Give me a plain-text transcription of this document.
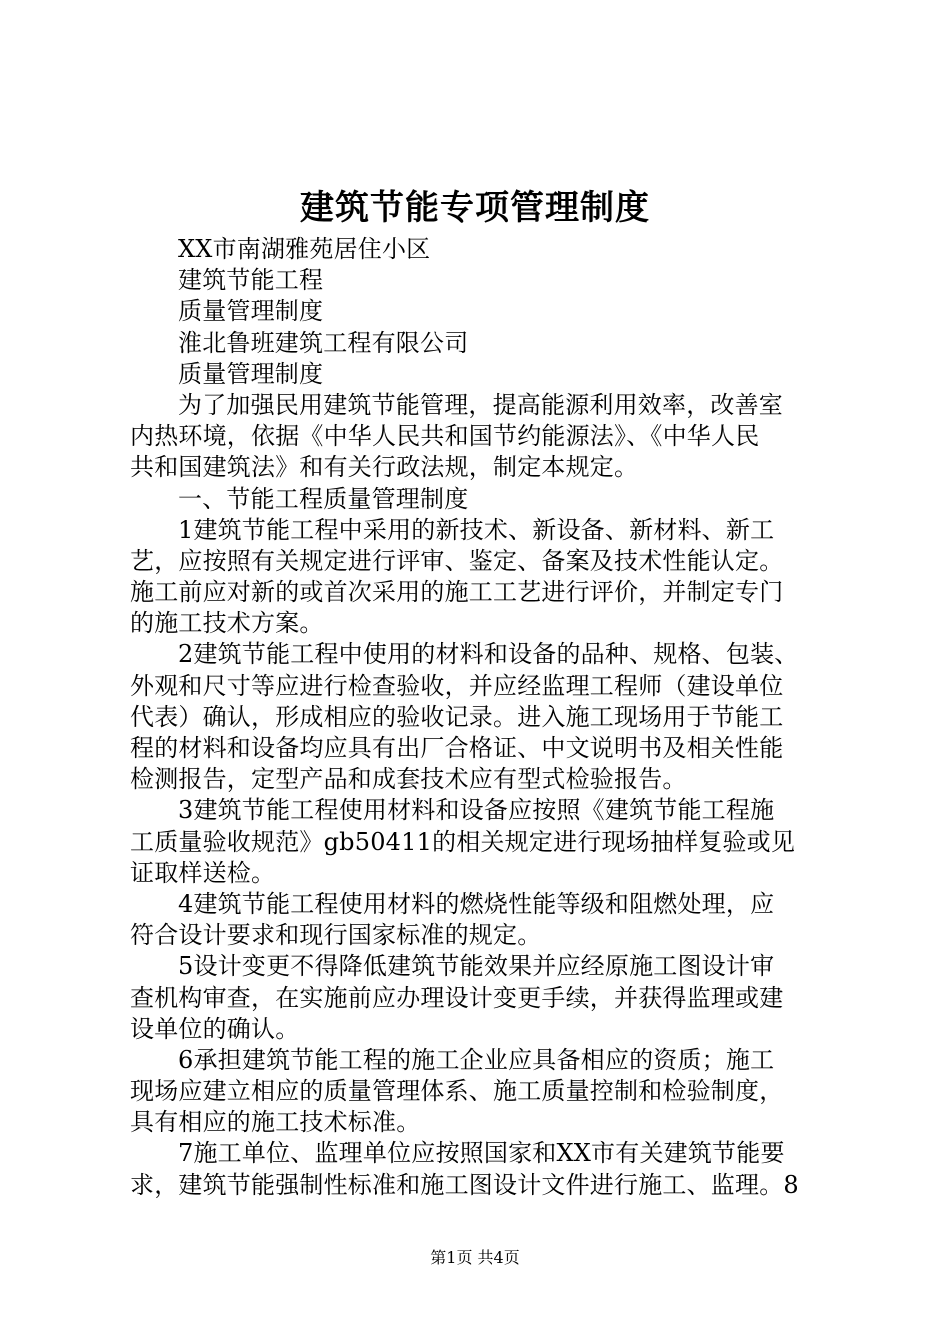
建筑节能专项管理制度
XX市南湖雅苑居住小区
建筑节能工程
质量管理制度
淮北鲁班建筑工程有限公司
质量管理制度
为了加强民用建筑节能管理，提高能源利用效率，改善室
内热环境，依据《中华人民共和国节约能源法》、《中华人民
共和国建筑法》和有关行政法规，制定本规定。
一、节能工程质量管理制度
1建筑节能工程中采用的新技术、新设备、新材料、新工
艺，应按照有关规定进行评审、鉴定、备案及技术性能认定。
施工前应对新的或首次采用的施工工艺进行评价，并制定专门
的施工技术方案。
2建筑节能工程中使用的材料和设备的品种、规格、包装、
外观和尺寸等应进行检查验收，并应经监理工程师（建设单位
代表）确认，形成相应的验收记录。进入施工现场用于节能工
程的材料和设备均应具有出厂合格证、中文说明书及相关性能
检测报告，定型产品和成套技术应有型式检验报告。
3建筑节能工程使用材料和设备应按照《建筑节能工程施
工质量验收规范》gb50411的相关规定进行现场抽样复验或见
证取样送检。
4建筑节能工程使用材料的燃烧性能等级和阻燃处理，应
符合设计要求和现行国家标准的规定。
5设计变更不得降低建筑节能效果并应经原施工图设计审
查机构审查，在实施前应办理设计变更手续，并获得监理或建
设单位的确认。
6承担建筑节能工程的施工企业应具备相应的资质；施工
现场应建立相应的质量管理体系、施工质量控制和检验制度，
具有相应的施工技术标准。
7施工单位、监理单位应按照国家和XX市有关建筑节能要
求，建筑节能强制性标准和施工图设计文件进行施工、监理。8
第1页 共4页
